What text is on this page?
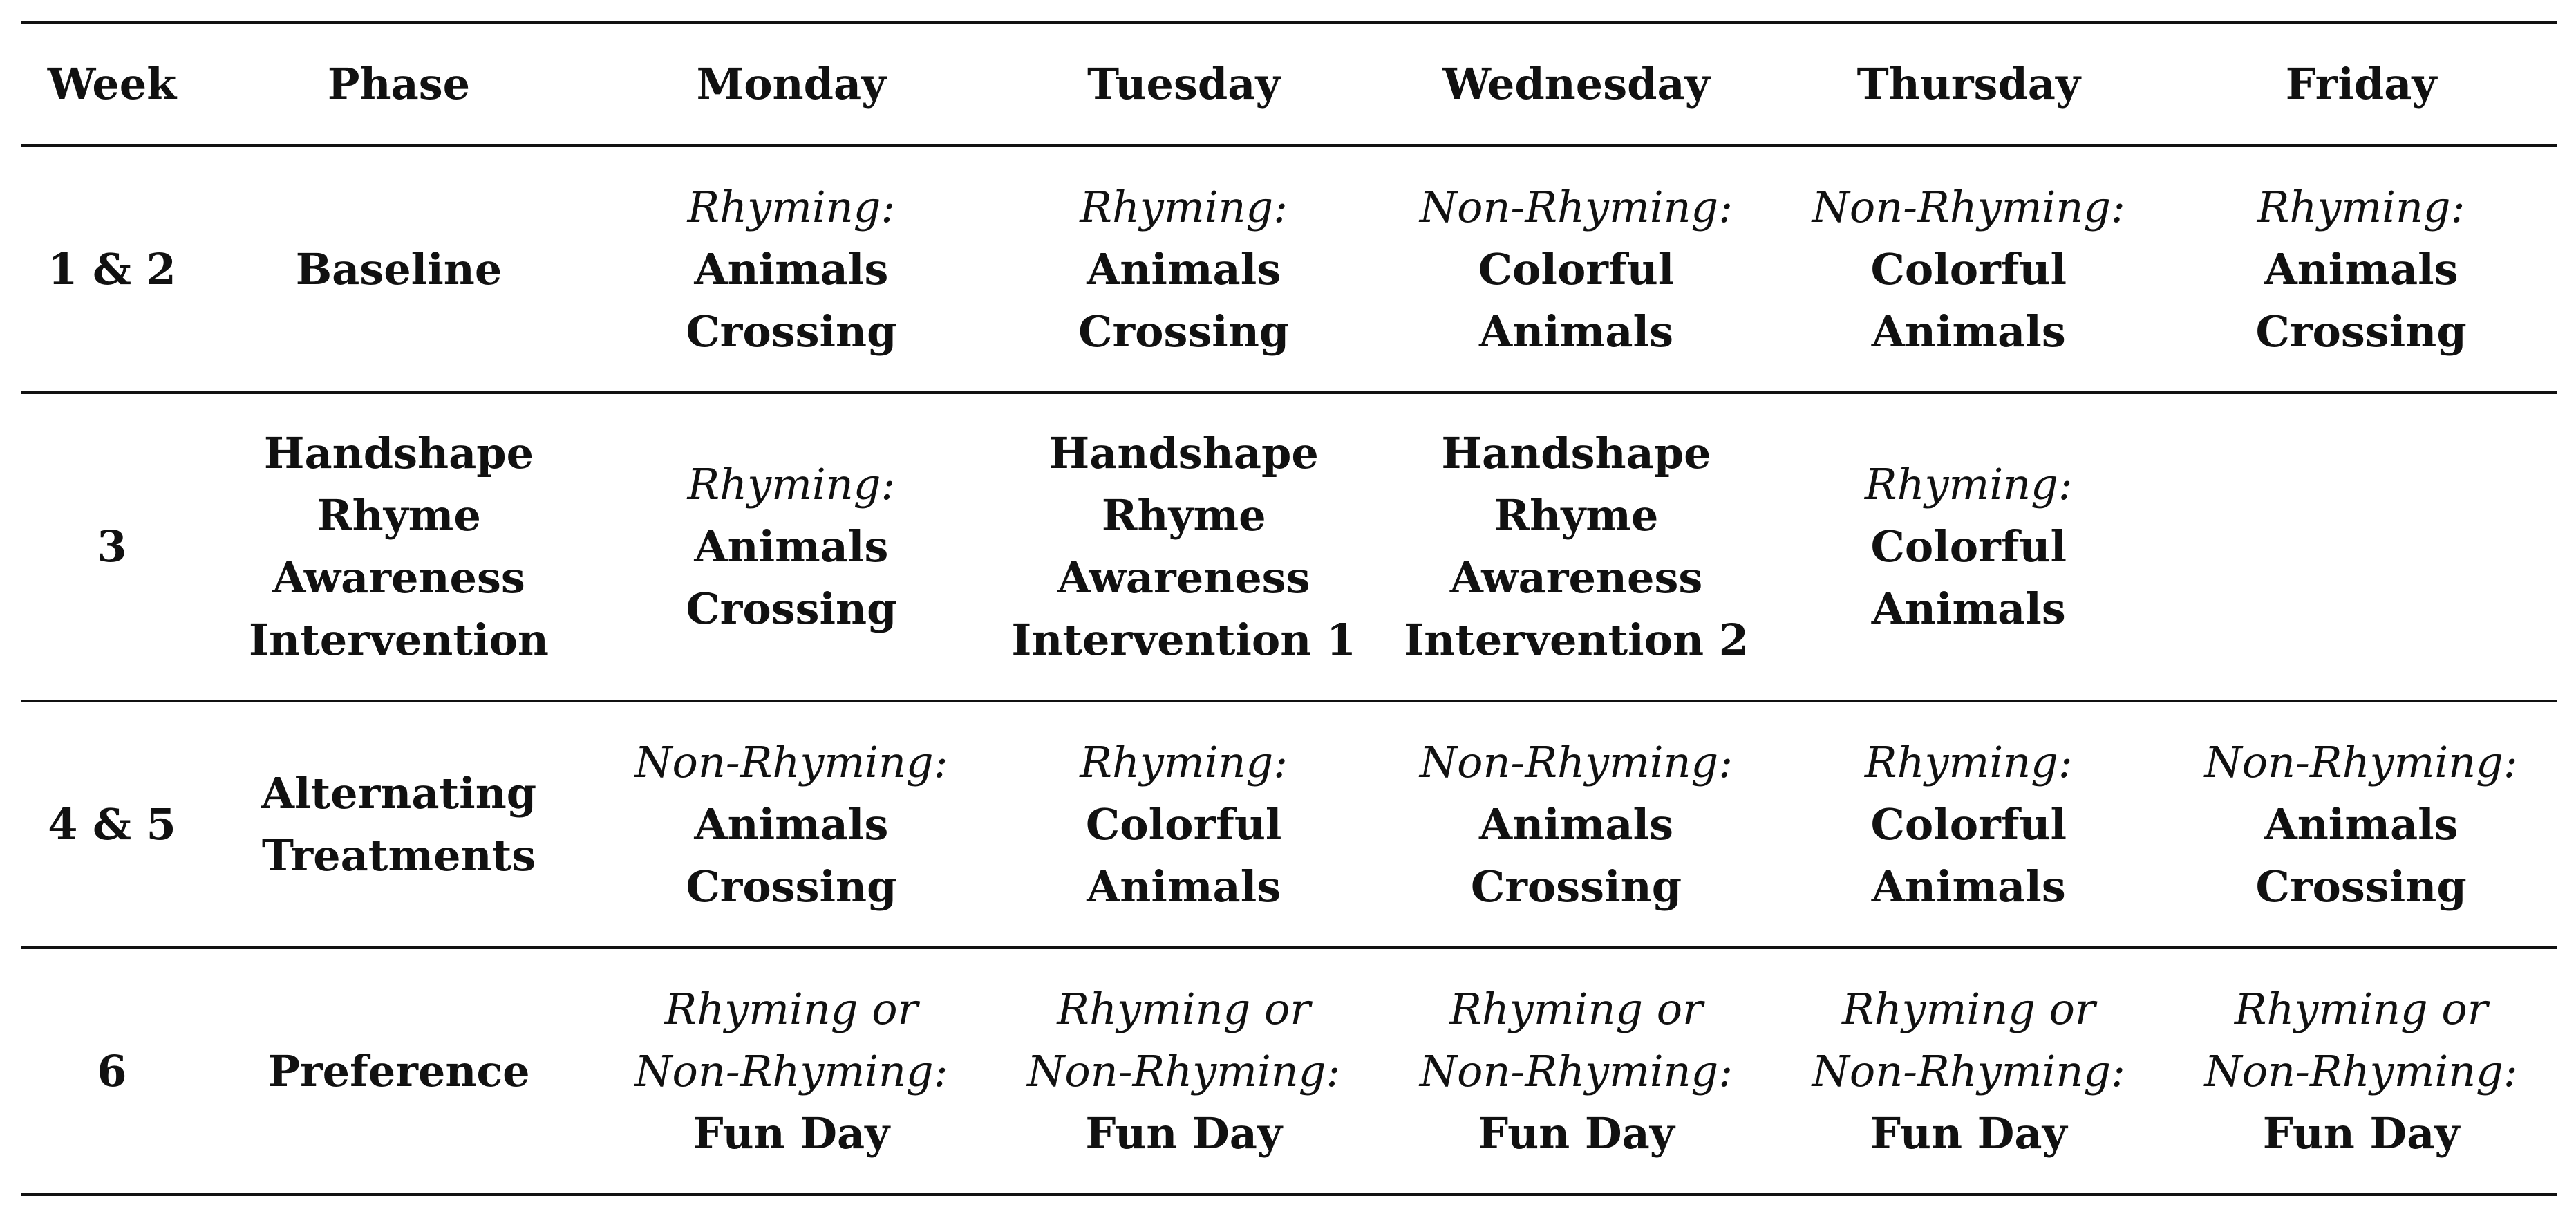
Week	Phase	Monday	Tuesday	Wednesday	Thursday	Friday
1 & 2	Baseline	Rhyming:
Animals
Crossing	Rhyming:
Animals
Crossing	Non-Rhyming:
Colorful
Animals	Non-Rhyming:
Colorful
Animals	Rhyming:
Animals
Crossing

3	Handshape
Rhyme
Awareness
Intervention	Rhyming:
Animals
Crossing	Handshape
Rhyme
Awareness
Intervention 1	Handshape
Rhyme
Awareness
Intervention 2	Rhyming:
Colorful
Animals	

4 & 5	Alternating
Treatments	Non-Rhyming:
Animals
Crossing	Rhyming:
Colorful
Animals	Non-Rhyming:
Animals
Crossing	Rhyming:
Colorful
Animals	Non-Rhyming:
Animals
Crossing

6	Preference	Rhyming or
Non-Rhyming:
Fun Day	Rhyming or
Non-Rhyming:
Fun Day	Rhyming or
Non-Rhyming:
Fun Day	Rhyming or
Non-Rhyming:
Fun Day	Rhyming or
Non-Rhyming:
Fun Day
